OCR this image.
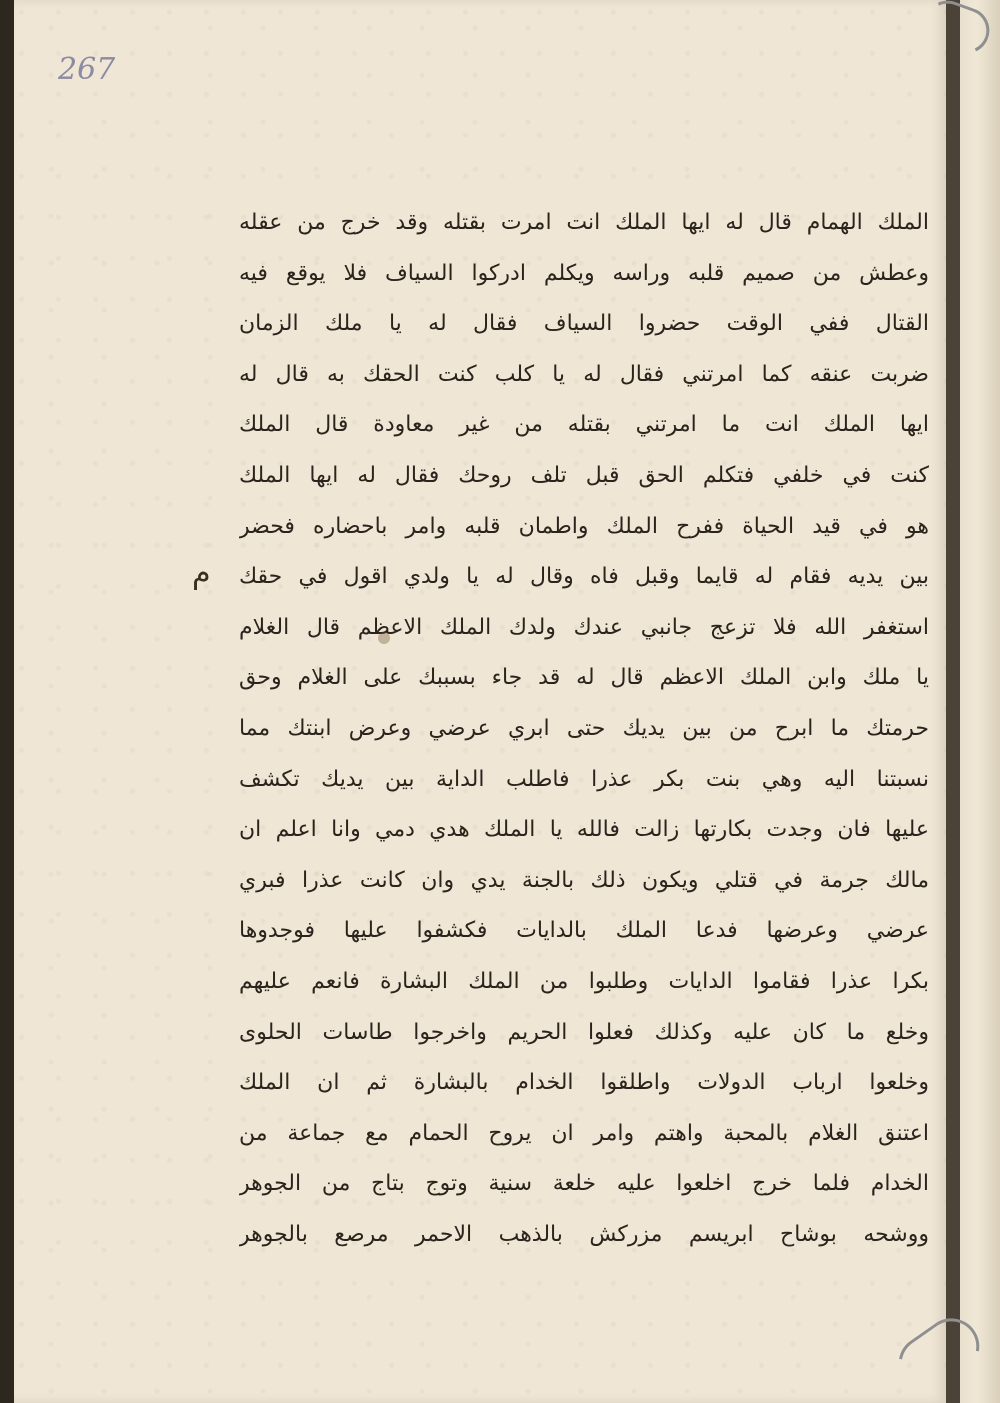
267
الملك الهمام قال له ايها الملك انت امرت بقتله وقد خرج من عقله
وعطش من صميم قلبه وراسه ويكلم ادركوا السياف فلا يوقع فيه
القتال ففي الوقت حضروا السياف فقال له يا ملك الزمان
ضربت عنقه كما امرتني فقال له يا كلب كنت الحقك به قال له
ايها الملك انت ما امرتني بقتله من غير معاودة قال الملك
كنت في خلفي فتكلم الحق قبل تلف روحك فقال له ايها الملك
هو في قيد الحياة ففرح الملك واطمان قلبه وامر باحضاره فحضر
بين يديه فقام له قايما وقبل فاه وقال له يا ولدي اقول في حقك
استغفر الله فلا تزعج جانبي عندك ولدك الملك الاعظم قال الغلام
يا ملك وابن الملك الاعظم قال له قد جاء بسببك على الغلام وحق
حرمتك ما ابرح من بين يديك حتى ابري عرضي وعرض ابنتك مما
نسبتنا اليه وهي بنت بكر عذرا فاطلب الداية بين يديك تكشف
عليها فان وجدت بكارتها زالت فالله يا الملك هدي دمي وانا اعلم ان
مالك جرمة في قتلي ويكون ذلك بالجنة يدي وان كانت عذرا فبري
عرضي وعرضها فدعا الملك بالدايات فكشفوا عليها فوجدوها
بكرا عذرا فقاموا الدايات وطلبوا من الملك البشارة فانعم عليهم
وخلع ما كان عليه وكذلك فعلوا الحريم واخرجوا طاسات الحلوى
وخلعوا ارباب الدولات واطلقوا الخدام بالبشارة ثم ان الملك
اعتنق الغلام بالمحبة واهتم وامر ان يروح الحمام مع جماعة من
الخدام فلما خرج اخلعوا عليه خلعة سنية وتوج بتاج من الجوهر
ووشحه بوشاح ابريسم مزركش بالذهب الاحمر مرصع بالجوهر
م
